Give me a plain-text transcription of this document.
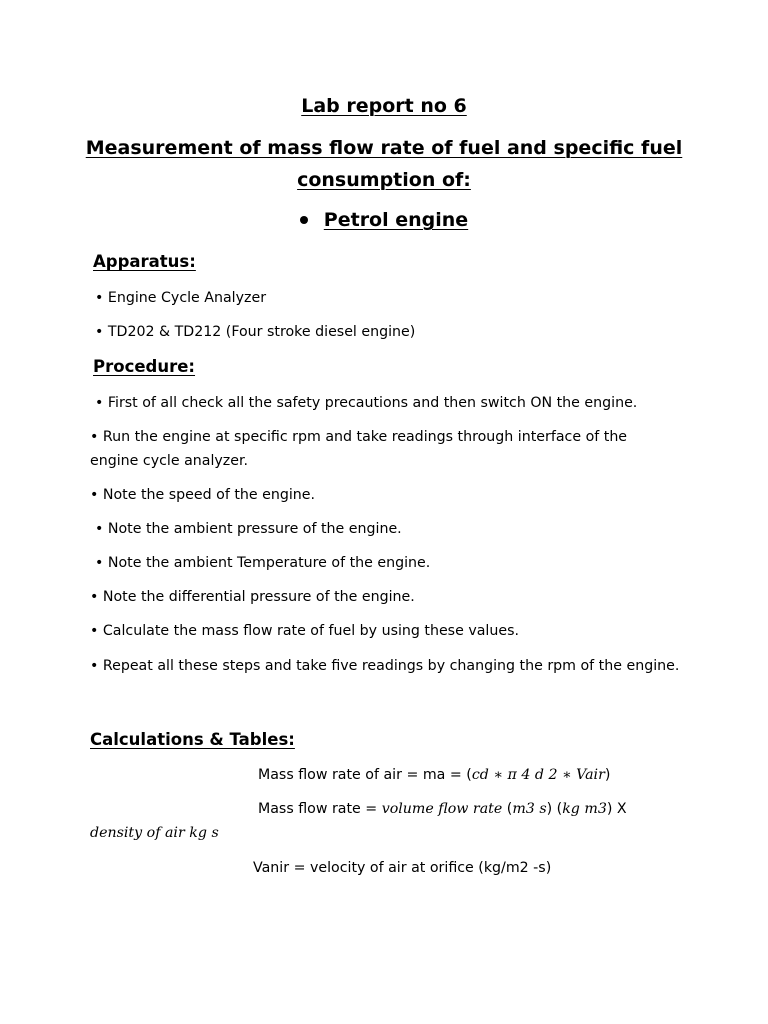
Lab report no 6
Measurement of mass flow rate of fuel and specific fuel
consumption of:
Petrol engine
Apparatus:
• Engine Cycle Analyzer
• TD202 & TD212 (Four stroke diesel engine)
Procedure:
• First of all check all the safety precautions and then switch ON the engine.
• Run the engine at specific rpm and take readings through interface of the
engine cycle analyzer.
• Note the speed of the engine.
• Note the ambient pressure of the engine.
• Note the ambient Temperature of the engine.
• Note the differential pressure of the engine.
• Calculate the mass flow rate of fuel by using these values.
• Repeat all these steps and take five readings by changing the rpm of the engine.
Calculations & Tables:
Mass flow rate of air = ma = (cd ∗ π 4 d 2 ∗ Vair)
Mass flow rate = volume flow rate (m3 s) (kg m3) X
density of air kg s
Vanir = velocity of air at orifice (kg/m2 -s)
